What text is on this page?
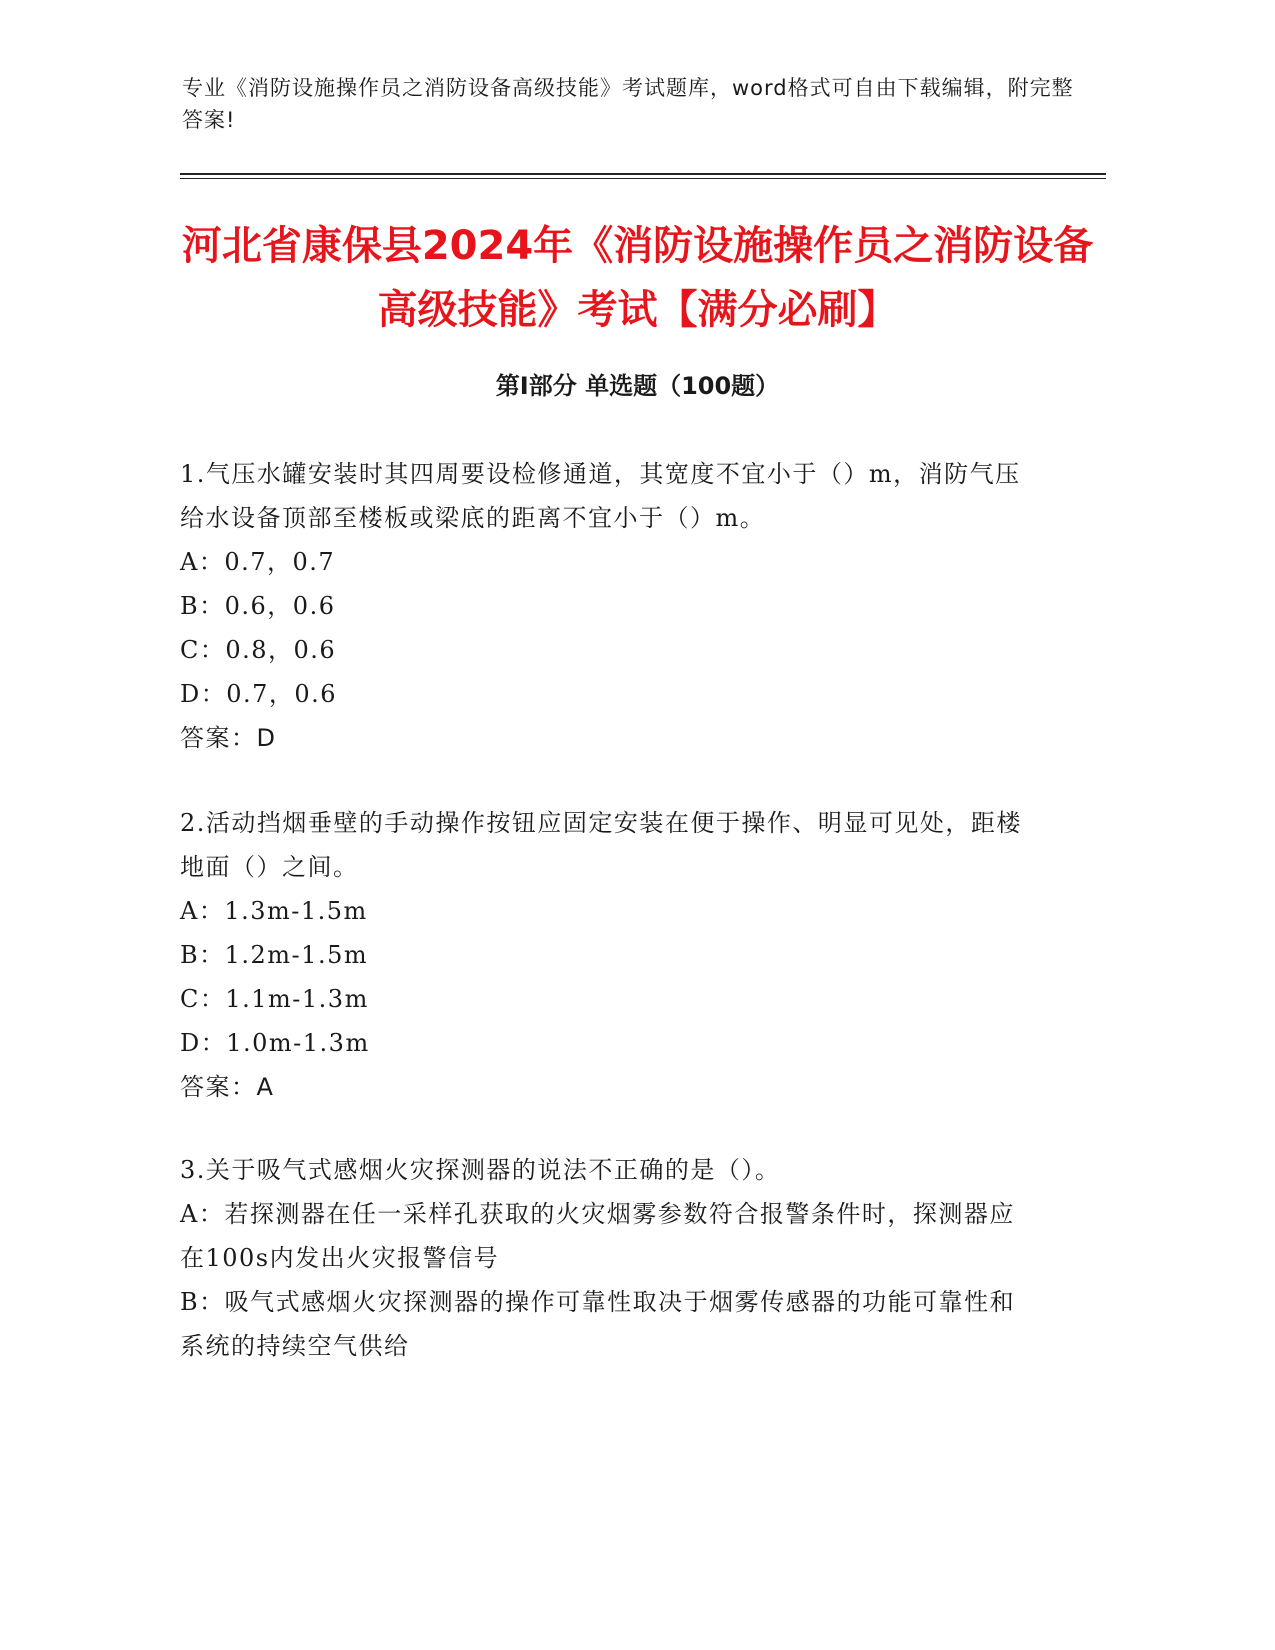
专业《消防设施操作员之消防设备高级技能》考试题库，word格式可自由下载编辑，附完整答案!
河北省康保县2024年《消防设施操作员之消防设备高级技能》考试【满分必刷】
第Ⅰ部分 单选题（100题）
1.气压水罐安装时其四周要设检修通道，其宽度不宜小于（）m，消防气压给水设备顶部至楼板或梁底的距离不宜小于（）m。
A：0.7，0.7
B：0.6，0.6
C：0.8，0.6
D：0.7，0.6
答案：D
2.活动挡烟垂壁的手动操作按钮应固定安装在便于操作、明显可见处，距楼地面（）之间。
A：1.3m-1.5m
B：1.2m-1.5m
C：1.1m-1.3m
D：1.0m-1.3m
答案：A
3.关于吸气式感烟火灾探测器的说法不正确的是（）。
A：若探测器在任一采样孔获取的火灾烟雾参数符合报警条件时，探测器应在100s内发出火灾报警信号
B：吸气式感烟火灾探测器的操作可靠性取决于烟雾传感器的功能可靠性和系统的持续空气供给
